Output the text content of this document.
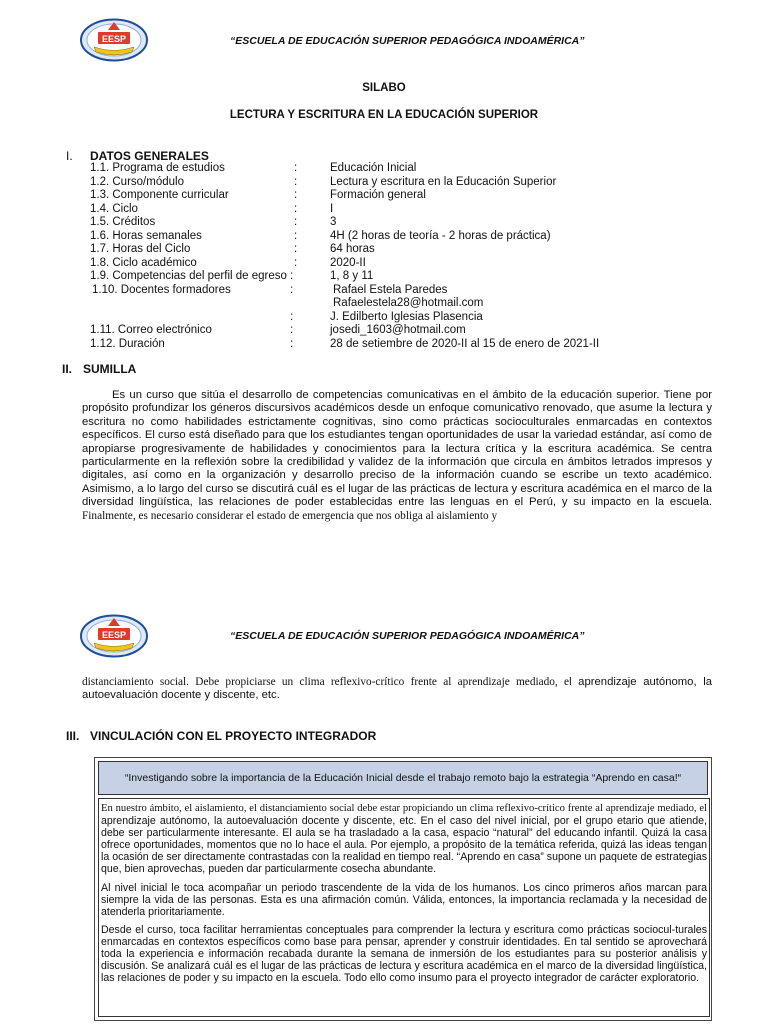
EESP	“ESCUELA DE EDUCACIÓN SUPERIOR PEDAGÓGICA INDOAMÉRICA”
SILABO
LECTURA Y ESCRITURA EN LA EDUCACIÓN SUPERIOR
I. DATOS GENERALES
1.1. Programa de estudios	:	Educación Inicial
1.2. Curso/módulo	:	Lectura y escritura en la Educación Superior
1.3. Componente curricular	:	Formación general
1.4. Ciclo	:	I
1.5. Créditos	:	3
1.6. Horas semanales	:	4H (2 horas de teoría - 2 horas de práctica)
1.7. Horas del Ciclo	:	64 horas
1.8. Ciclo académico	:	2020-II
1.9. Competencias del perfil de egreso :	1, 8 y 11
1.10. Docentes formadores	:	Rafael Estela Paredes
Rafaelestela28@hotmail.com
:	J. Edilberto Iglesias Plasencia
1.11. Correo electrónico	:	josedi_1603@hotmail.com
1.12. Duración	:	28 de setiembre de 2020-II al 15 de enero de 2021-II
II. SUMILLA
Es un curso que sitúa el desarrollo de competencias comunicativas en el ámbito de la educación superior. Tiene por propósito profundizar los géneros discursivos académicos desde un enfoque comunicativo renovado, que asume la lectura y escritura no como habilidades estrictamente cognitivas, sino como prácticas socioculturales enmarcadas en contextos específicos. El curso está diseñado para que los estudiantes tengan oportunidades de usar la variedad estándar, así como de apropiarse progresivamente de habilidades y conocimientos para la lectura crítica y la escritura académica. Se centra particularmente en la reflexión sobre la credibilidad y validez de la información que circula en ámbitos letrados impresos y digitales, así como en la organización y desarrollo preciso de la información cuando se escribe un texto académico. Asimismo, a lo largo del curso se discutirá cuál es el lugar de las prácticas de lectura y escritura académica en el marco de la diversidad lingüística, las relaciones de poder establecidas entre las lenguas en el Perú, y su impacto en la escuela. Finalmente, es necesario considerar el estado de emergencia que nos obliga al aislamiento y
EESP	“ESCUELA DE EDUCACIÓN SUPERIOR PEDAGÓGICA INDOAMÉRICA”
distanciamiento social. Debe propiciarse un clima reflexivo-crítico frente al aprendizaje mediado, el aprendizaje autónomo, la autoevaluación docente y discente, etc.
III. VINCULACIÓN CON EL PROYECTO INTEGRADOR
“Investigando sobre la importancia de la Educación Inicial desde el trabajo remoto bajo la estrategia “Aprendo en casa!“

En nuestro ámbito, el aislamiento, el distanciamiento social debe estar propiciando un clima reflexivo-crítico frente al aprendizaje mediado, el aprendizaje autónomo, la autoevaluación docente y discente, etc. En el caso del nivel inicial, por el grupo etario que atiende, debe ser particularmente interesante. El aula se ha trasladado a la casa, espacio “natural” del educando infantil. Quizá la casa ofrece oportunidades, momentos que no lo hace el aula. Por ejemplo, a propósito de la temática referida, quizá las ideas tengan la ocasión de ser directamente contrastadas con la realidad en tiempo real. “Aprendo en casa” supone un paquete de estrategias que, bien aprovechas, pueden dar particularmente cosecha abundante.

Al nivel inicial le toca acompañar un periodo trascendente de la vida de los humanos. Los cinco primeros años marcan para siempre la vida de las personas. Esta es una afirmación común. Válida, entonces, la importancia reclamada y la necesidad de atenderla prioritariamente.

Desde el curso, toca facilitar herramientas conceptuales para comprender la lectura y escritura como prácticas sociocul-turales enmarcadas en contextos específicos como base para pensar, aprender y construir identidades. En tal sentido se aprovechará toda la experiencia e información recabada durante la semana de inmersión de los estudiantes para su posterior análisis y discusión. Se analizará cuál es el lugar de las prácticas de lectura y escritura académica en el marco de la diversidad lingüística, las relaciones de poder y su impacto en la escuela. Todo ello como insumo para el proyecto integrador de carácter exploratorio.
